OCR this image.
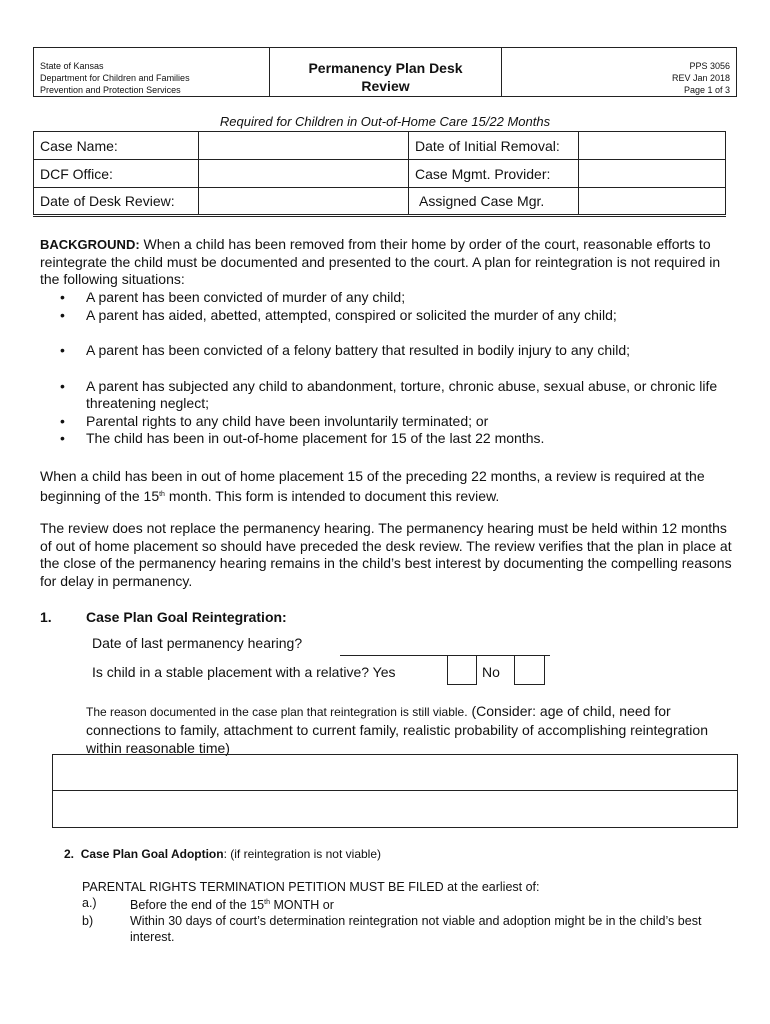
State of Kansas
Department for Children and Families
Prevention and Protection Services
Permanency Plan Desk
Review
PPS 3056
REV Jan 2018
Page 1 of 3
Required for Children in Out-of-Home Care 15/22 Months
Case Name:		Date of Initial Removal:	
DCF Office:		Case Mgmt. Provider:	
Date of Desk Review:		Assigned Case Mgr.	
BACKGROUND: When a child has been removed from their home by order of the court, reasonable efforts to reintegrate the child must be documented and presented to the court. A plan for reintegration is not required in the following situations:
• A parent has been convicted of murder of any child;
• A parent has aided, abetted, attempted, conspired or solicited the murder of any child;
• A parent has been convicted of a felony battery that resulted in bodily injury to any child;
• A parent has subjected any child to abandonment, torture, chronic abuse, sexual abuse, or chronic life threatening neglect;
• Parental rights to any child have been involuntarily terminated; or
• The child has been in out-of-home placement for 15 of the last 22 months.
When a child has been in out of home placement 15 of the preceding 22 months, a review is required at the beginning of the 15th month. This form is intended to document this review.
The review does not replace the permanency hearing. The permanency hearing must be held within 12 months of out of home placement so should have preceded the desk review. The review verifies that the plan in place at the close of the permanency hearing remains in the child’s best interest by documenting the compelling reasons for delay in permanency.
1. Case Plan Goal Reintegration:
Date of last permanency hearing?
Is child in a stable placement with a relative? Yes	No
The reason documented in the case plan that reintegration is still viable. (Consider: age of child, need for connections to family, attachment to current family, realistic probability of accomplishing reintegration within reasonable time)
2. Case Plan Goal Adoption: (if reintegration is not viable)
PARENTAL RIGHTS TERMINATION PETITION MUST BE FILED at the earliest of:
a.)	Before the end of the 15th MONTH or
b)	Within 30 days of court’s determination reintegration not viable and adoption might be in the child’s best interest.
